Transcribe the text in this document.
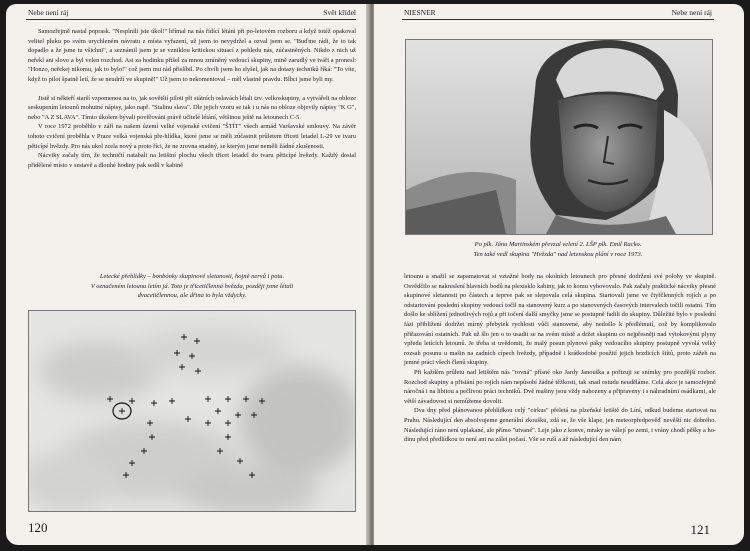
Nebe není ráj	Svět křídel

Samozřejmě nastal poprask. "Nesplnili jste úkol!" hřímal na nás řídící létání při po-letovém rozboru a když totéž opakoval velitel pluku po svém urychleném návratu z místa vyřazení, už jsem to nevydržel a ozval jsem se. "Buďme rádi, že to tak dopadlo a že jsme tu všichni", a seznámil jsem je se vzniklou kritickou situací z pohledu nás, zúčastněných. Nikdo z nich už neřekl ani slovo a byl velen rozchod. Asi za hodinku přišel za mnou zmíněný vedoucí skupiny, mině zarudlý ve tváři a pronesl: "Honzo, neřekej nikomu, jak to bylo!" což jsem mu rád přislíbil. Po chvíli jsem ho slyšel, jak na dotazy techniků říká: "To víte, když to pilot špatně letí, že se neudrží ve skupině!" Už jsem to nekomentoval – měl vlastně pravdu. Blbci jsme byli my.

Jistě si někteří starší vzpomenou na to, jak sovětští piloti při státních oslavách létali tzv. velkoskupiny, a vytvářeli na obloze seskupením letounů mohutné nápisy, jako např. "Stalinu slava". Dle jejich vzoru se tak i u nás na obloze objevily nápisy "K G", nebo "A Z SLAVA". Tímto úkolem bývali pověřováni právě učitelé létání, většinou ještě na letounech C-5.

V roce 1972 proběhlo v září na našem území velké vojenské cvičení "ŠTÍT" všech armád Varšavské smlouvy. Na závěr tohoto cvičení proběhla v Praze velká vojenská pře-hlídka, které jsme se měli zúčastnit průletem třiceti letadel L-29 ve tvaru pěticípé hvězdy. Pro nás ukol zcela nový a proto říci, že ne zrovna snadný, se kterým jsme neměli žádné zkušenosti.

Nácviky začaly tím, že techničtí natabali na letištní plochu všech třicet letadel do tvaru pěticípé hvězdy. Každý dostal přidělené místo v sestavě a dlouhé hodiny pak sedíl v kabině

Letecké přehlídky – bonbónky skupinové sletanosti, hojně nervů i potu.
V označeném letounu letím já. Toto je třicetičlenná hvězda, později jsme létali
dvacetičlennou, ale dřina to byla vždycky.
120
NIESNER	Nebe není ráj
Po plk. Jánu Martinském převzal velení 2. LŠP plk. Emil Racko.
Ten také vedl skupinu "Hvězda" nad letenskou plání v roce 1973.

letounu a snažil se zapamatovat si vztažné body na okolních letounech pro přesné dodržení své polohy ve skupině. Osvědčilo se nakreslení hlavních bodů na plexisklo kabiny, jak to komu vyhovovalo. Pak začaly praktické nácviky přesné skupinové sletanosti po částech a teprve pak se slepovala celá skupina. Startovali jsme ve čtyřčlenných rojích a po odstartování poslední skupiny vedoucí točil na stanovený kurz a po stanovených časových intervalech točili ostatní. Tím došlo ke sblížení jednotlivých rojů a při točení další smyčky jsme se postupně řadili do skupiny. Důležité bylo v poslední fázi přibližení dodržet mírný přebytek rychlosti vůči stanovené, aby nedošlo k předlétnutí, což by komplikovalo přiřazování ostatních. Pak už šlo jen o to usadit se na svém místě a držet skupinu co nejpřesněji nad výtokovými plyny vpředu letících letounů. Je třeba si uvědomit, že malý posun plynové páky vedoucího skupiny postupně vyvolá velký rozsah posunu u mašin na zadních cípech hvězdy, případně i krátkodobé použití jejich brzdicích štítů, proto zážeh na jemné práci všech členů skupiny.

Při každém průletu nad letištěm nás "rovná" přísné oko Jardy Janouška a pořizuji se snímky pro pozdější rozbor. Rozchod skupiny a přistání po rojích nám nepůsobí žádné těžkosti, tak snad ostudu neuděláme. Celá akce je samozřejmě náročná i na libitou a pečlivou práci techniků. Dvě mašiny jsou vždy nahozeny a připraveny i s náhradními osádkami, ale větší závadovost si nemůžeme dovolit.

Dva dny před plánovanou přehlídkou celý "cirkus" přeletá na plzeňské letiště do Líní, odkud budeme startovat na Prahu. Následující den absolvujeme generální zkoušku, zdá se, že vše klape, jen meteorpředpověď nevěští nic dobrého. Následující ráno není uplakané, ale přímo "utvané". Leje jako z konve, mraky se válejí po zemi, i vrány chodí pěšky a ho-dinu před předlídkou to není ani na zálet počasí. Vše se ruší a až následující den nám

121
